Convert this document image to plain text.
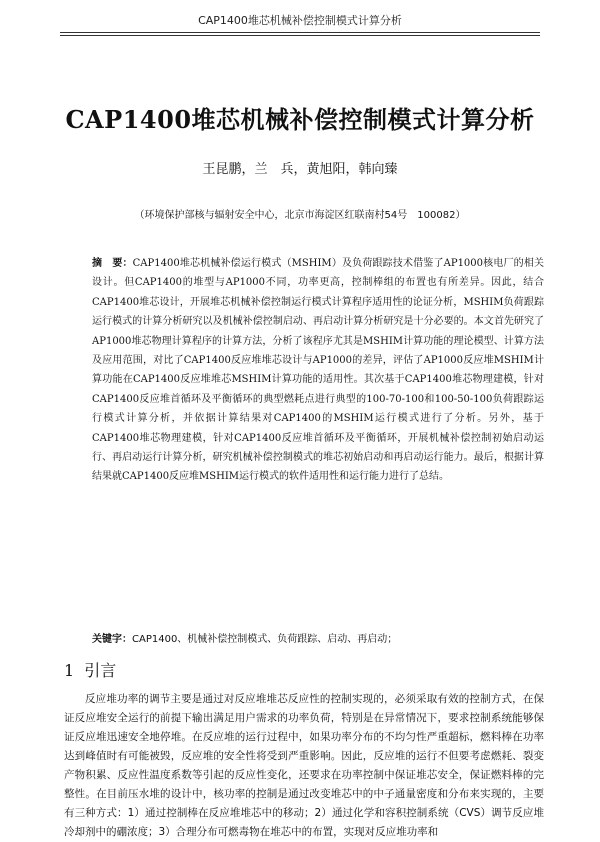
CAP1400堆芯机械补偿控制模式计算分析
CAP1400堆芯机械补偿控制模式计算分析
王昆鹏，兰　兵，黄旭阳，韩向臻
（环境保护部核与辐射安全中心，北京市海淀区红联南村54号　100082）

摘　要：CAP1400堆芯机械补偿运行模式（MSHIM）及负荷跟踪技术借鉴了AP1000核电厂的相关设计。但CAP1400的堆型与AP1000不同，功率更高，控制棒组的布置也有所差异。因此，结合CAP1400堆芯设计，开展堆芯机械补偿控制运行模式计算程序适用性的论证分析，MSHIM负荷跟踪运行模式的计算分析研究以及机械补偿控制启动、再启动计算分析研究是十分必要的。本文首先研究了AP1000堆芯物理计算程序的计算方法，分析了该程序尤其是MSHIM计算功能的理论模型、计算方法及应用范围，对比了CAP1400反应堆堆芯设计与AP1000的差异，评估了AP1000反应堆MSHIM计算功能在CAP1400反应堆堆芯MSHIM计算功能的适用性。其次基于CAP1400堆芯物理建模，针对CAP1400反应堆首循环及平衡循环的典型燃耗点进行典型的100-70-100和100-50-100负荷跟踪运行模式计算分析，并依据计算结果对CAP1400的MSHIM运行模式进行了分析。另外，基于CAP1400堆芯物理建模，针对CAP1400反应堆首循环及平衡循环，开展机械补偿控制初始启动运行、再启动运行计算分析，研究机械补偿控制模式的堆芯初始启动和再启动运行能力。最后，根据计算结果就CAP1400反应堆MSHIM运行模式的软件适用性和运行能力进行了总结。

关键字：CAP1400、机械补偿控制模式、负荷跟踪、启动、再启动；
1 引言

反应堆功率的调节主要是通过对反应堆堆芯反应性的控制实现的，必须采取有效的控制方式，在保证反应堆安全运行的前提下输出满足用户需求的功率负荷，特别是在异常情况下，要求控制系统能够保证反应堆迅速安全地停堆。在反应堆的运行过程中，如果功率分布的不均匀性严重超标，燃料棒在功率达到峰值时有可能被毁，反应堆的安全性将受到严重影响。因此，反应堆的运行不但要考虑燃耗、裂变产物积累、反应性温度系数等引起的反应性变化，还要求在功率控制中保证堆芯安全，保证燃料棒的完整性。在目前压水堆的设计中，核功率的控制是通过改变堆芯中的中子通量密度和分布来实现的，主要有三种方式：1）通过控制棒在反应堆堆芯中的移动；2）通过化学和容积控制系统（CVS）调节反应堆冷却剂中的硼浓度；3）合理分布可燃毒物在堆芯中的布置，实现对反应堆功率和
